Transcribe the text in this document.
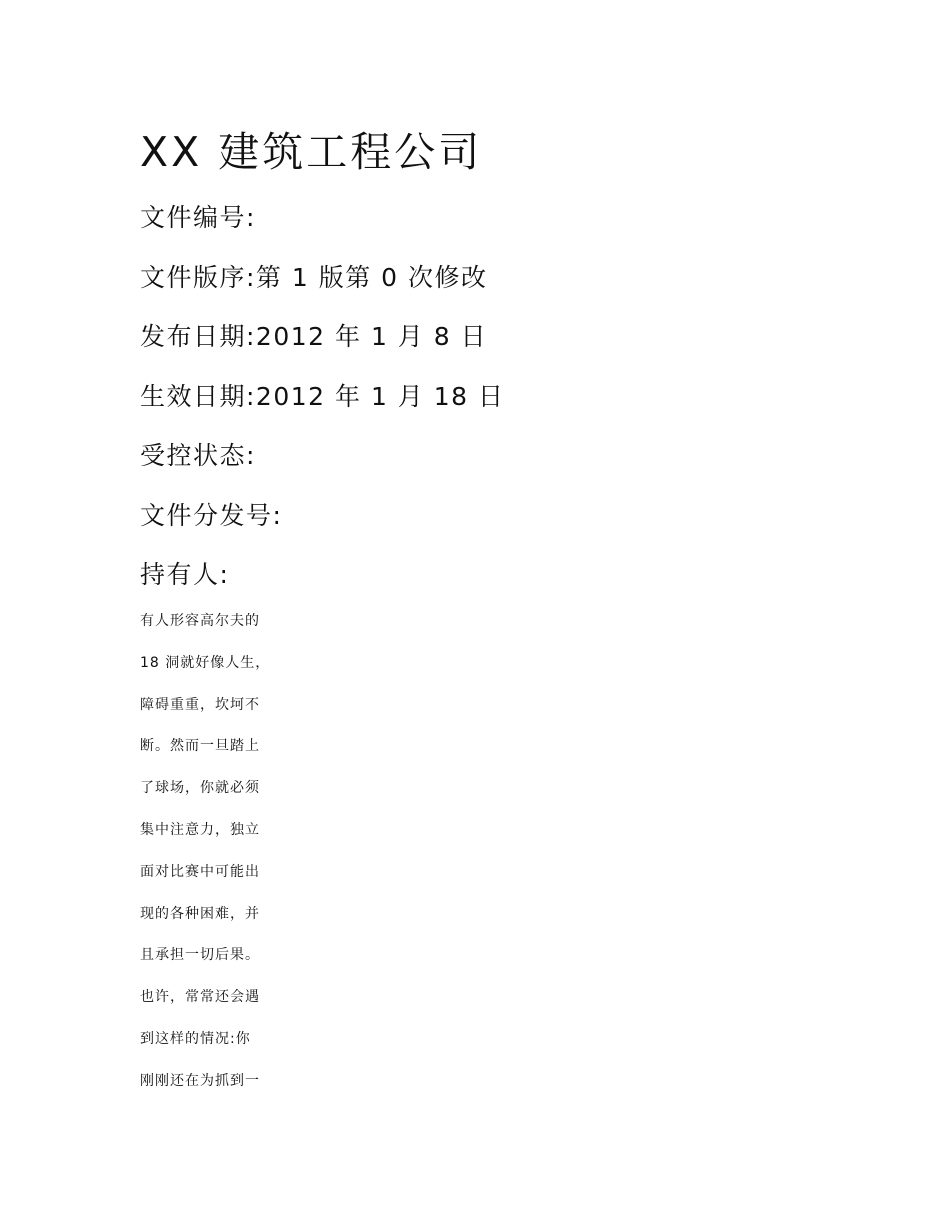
XX 建筑工程公司
文件编号:
文件版序:第 1 版第 0 次修改
发布日期:2012 年 1 月 8 日
生效日期:2012 年 1 月 18 日
受控状态:
文件分发号:
持有人:
有人形容高尔夫的
18 洞就好像人生，
障碍重重，坎坷不
断。然而一旦踏上
了球场，你就必须
集中注意力，独立
面对比赛中可能出
现的各种困难，并
且承担一切后果。
也许，常常还会遇
到这样的情况:你
刚刚还在为抓到一
